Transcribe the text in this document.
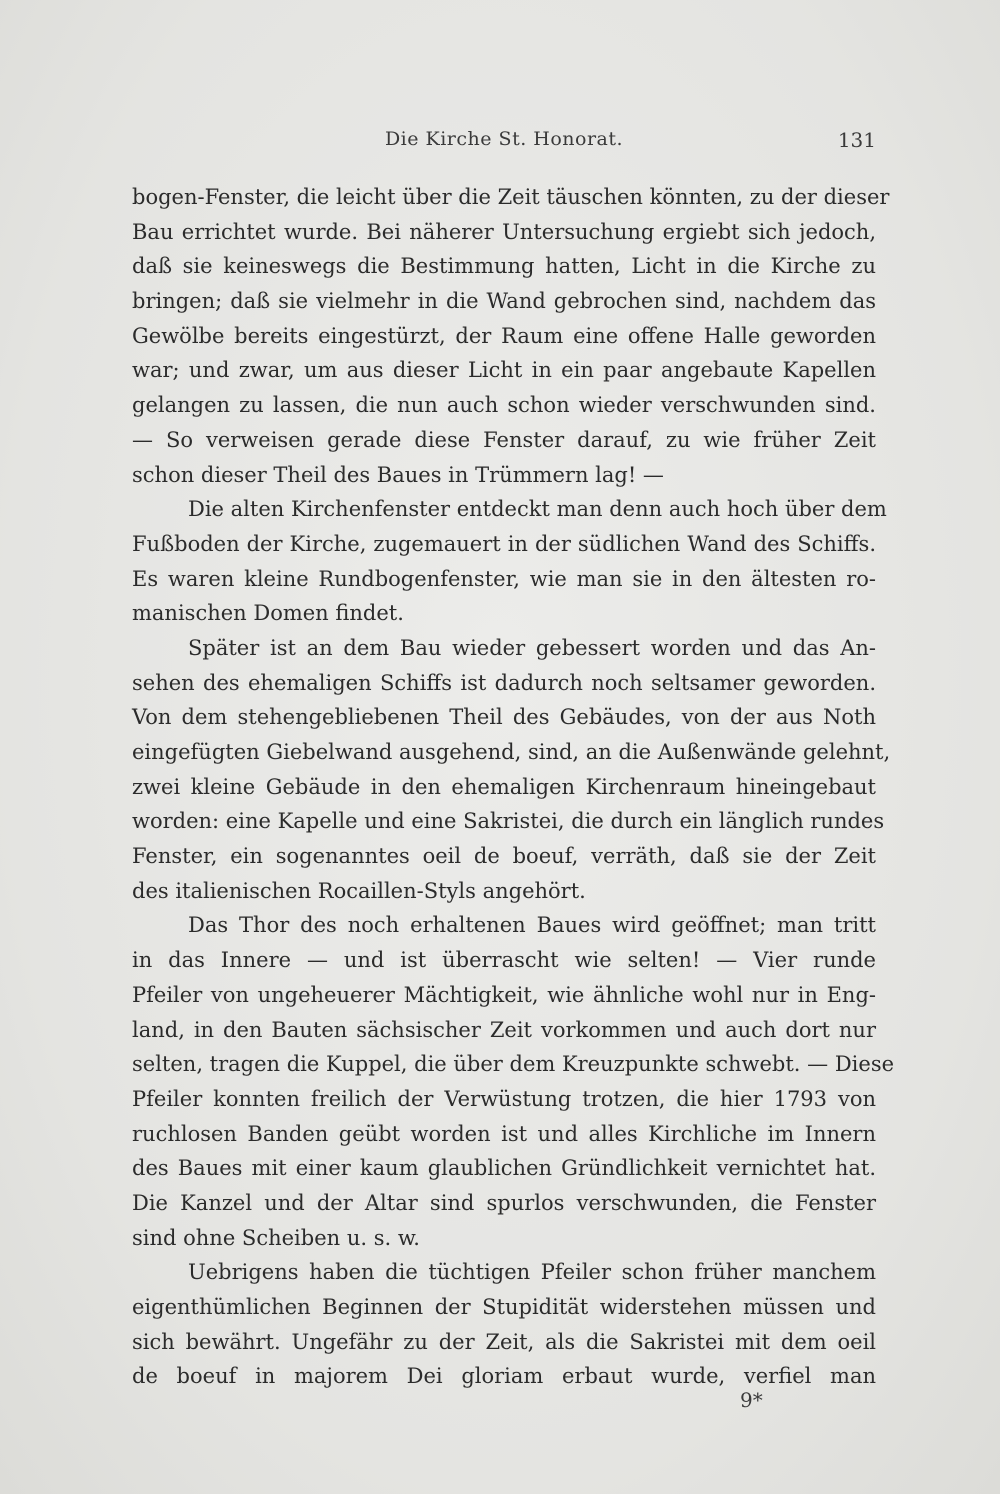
Die Kirche St. Honorat.	131
bogen-Fenster, die leicht über die Zeit täuschen könnten, zu der dieser
Bau errichtet wurde. Bei näherer Untersuchung ergiebt sich jedoch,
daß sie keineswegs die Bestimmung hatten, Licht in die Kirche zu
bringen; daß sie vielmehr in die Wand gebrochen sind, nachdem das
Gewölbe bereits eingestürzt, der Raum eine offene Halle geworden
war; und zwar, um aus dieser Licht in ein paar angebaute Kapellen
gelangen zu lassen, die nun auch schon wieder verschwunden sind.
— So verweisen gerade diese Fenster darauf, zu wie früher Zeit
schon dieser Theil des Baues in Trümmern lag! —
Die alten Kirchenfenster entdeckt man denn auch hoch über dem
Fußboden der Kirche, zugemauert in der südlichen Wand des Schiffs.
Es waren kleine Rundbogenfenster, wie man sie in den ältesten ro-
manischen Domen findet.
Später ist an dem Bau wieder gebessert worden und das An-
sehen des ehemaligen Schiffs ist dadurch noch seltsamer geworden.
Von dem stehengebliebenen Theil des Gebäudes, von der aus Noth
eingefügten Giebelwand ausgehend, sind, an die Außenwände gelehnt,
zwei kleine Gebäude in den ehemaligen Kirchenraum hineingebaut
worden: eine Kapelle und eine Sakristei, die durch ein länglich rundes
Fenster, ein sogenanntes oeil de boeuf, verräth, daß sie der Zeit
des italienischen Rocaillen-Styls angehört.
Das Thor des noch erhaltenen Baues wird geöffnet; man tritt
in das Innere — und ist überrascht wie selten! — Vier runde
Pfeiler von ungeheuerer Mächtigkeit, wie ähnliche wohl nur in Eng-
land, in den Bauten sächsischer Zeit vorkommen und auch dort nur
selten, tragen die Kuppel, die über dem Kreuzpunkte schwebt. — Diese
Pfeiler konnten freilich der Verwüstung trotzen, die hier 1793 von
ruchlosen Banden geübt worden ist und alles Kirchliche im Innern
des Baues mit einer kaum glaublichen Gründlichkeit vernichtet hat.
Die Kanzel und der Altar sind spurlos verschwunden, die Fenster
sind ohne Scheiben u. s. w.
Uebrigens haben die tüchtigen Pfeiler schon früher manchem
eigenthümlichen Beginnen der Stupidität widerstehen müssen und
sich bewährt. Ungefähr zu der Zeit, als die Sakristei mit dem oeil
de boeuf in majorem Dei gloriam erbaut wurde, verfiel man
9*
